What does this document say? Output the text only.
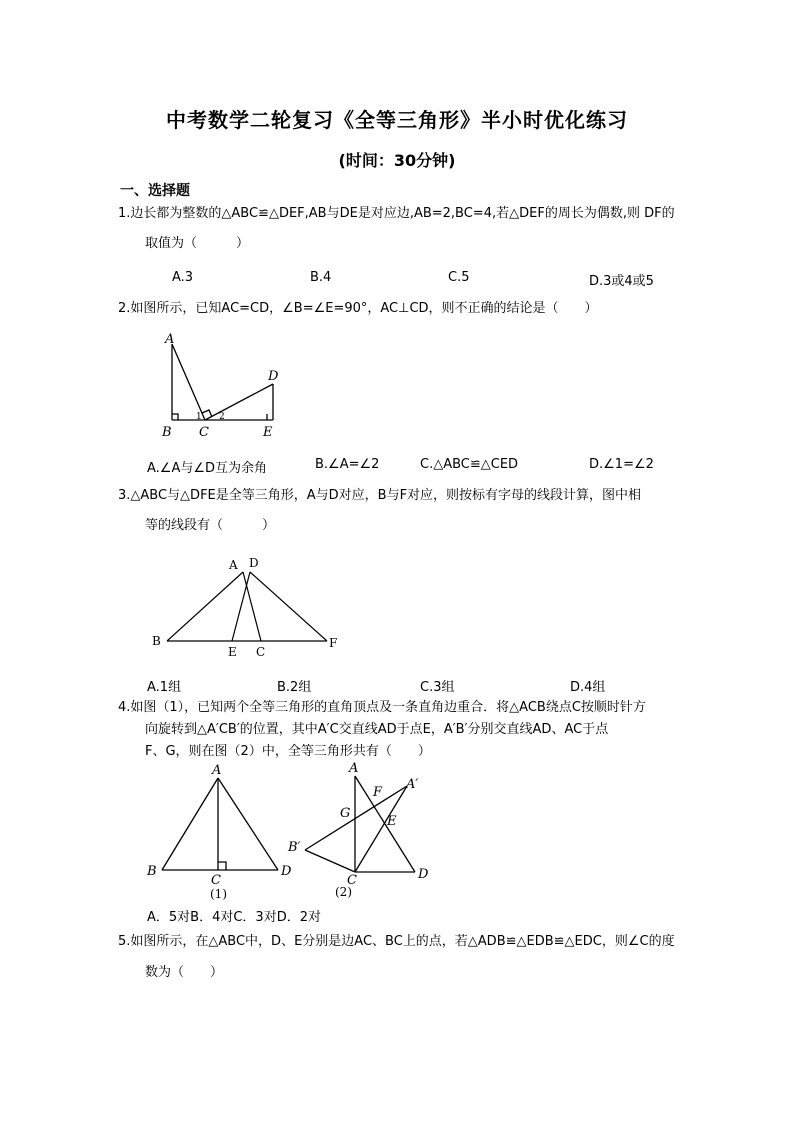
中考数学二轮复习《全等三角形》半小时优化练习
(时间：30分钟)
一、选择题
1.边长都为整数的△ABC≌△DEF,AB与DE是对应边,AB=2,BC=4,若△DEF的周长为偶数,则 DF的
取值为（　　　）
A.3	B.4	C.5	D.3或4或5
2.如图所示，已知AC=CD，∠B=∠E=90°，AC⊥CD，则不正确的结论是（　　）
A
D
B C	E
1 2
A.∠A与∠D互为余角	B.∠A=∠2	C.△ABC≌△CED	D.∠1=∠2
3.△ABC与△DFE是全等三角形，A与D对应，B与F对应，则按标有字母的线段计算，图中相
等的线段有（　　　）
A D
B
E C
F
A.1组	B.2组	C.3组	D.4组
4.如图（1），已知两个全等三角形的直角顶点及一条直角边重合．将△ACB绕点C按顺时针方
向旋转到△A′CB′的位置，其中A′C交直线AD于点E，A′B′分别交直线AD、AC于点
F、G，则在图（2）中，全等三角形共有（　　）
A
B
C
D
(1)
A
A′
F
G
E
B′
C	D
(2)
A．5对B．4对C．3对D．2对
5.如图所示，在△ABC中，D、E分别是边AC、BC上的点，若△ADB≌△EDB≌△EDC，则∠C的度
数为（　　）
